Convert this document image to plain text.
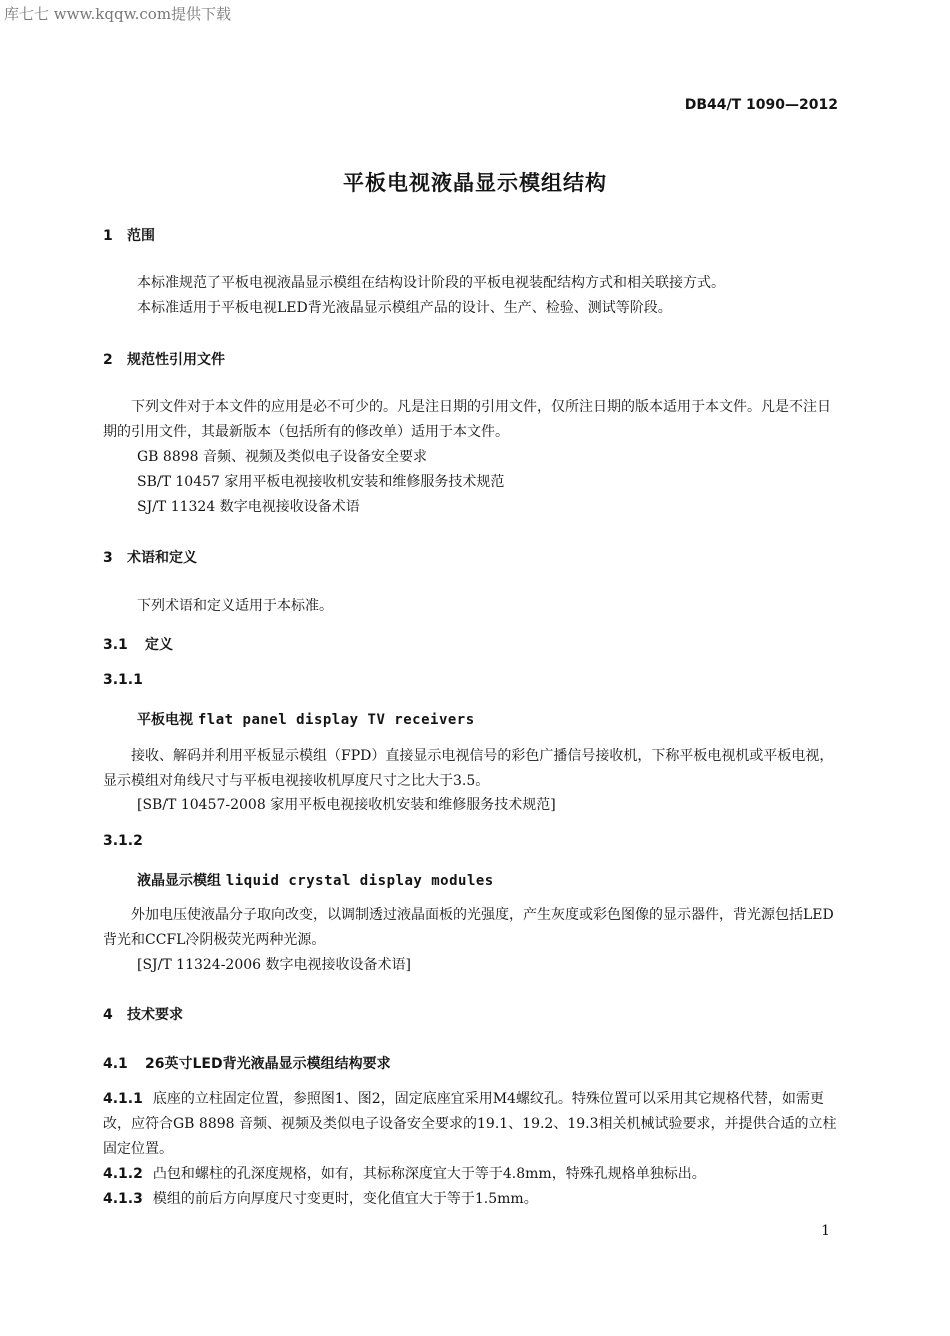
库七七 www.kqqw.com提供下载
DB44/T 1090—2012
平板电视液晶显示模组结构
1 范围
本标准规范了平板电视液晶显示模组在结构设计阶段的平板电视装配结构方式和相关联接方式。
本标准适用于平板电视LED背光液晶显示模组产品的设计、生产、检验、测试等阶段。
2 规范性引用文件
下列文件对于本文件的应用是必不可少的。凡是注日期的引用文件，仅所注日期的版本适用于本文件。凡是不注日期的引用文件，其最新版本（包括所有的修改单）适用于本文件。
GB 8898 音频、视频及类似电子设备安全要求
SB/T 10457 家用平板电视接收机安装和维修服务技术规范
SJ/T 11324 数字电视接收设备术语
3 术语和定义
下列术语和定义适用于本标准。
3.1 定义
3.1.1
平板电视 flat panel display TV receivers
接收、解码并利用平板显示模组（FPD）直接显示电视信号的彩色广播信号接收机，下称平板电视机或平板电视，显示模组对角线尺寸与平板电视接收机厚度尺寸之比大于3.5。
[SB/T 10457-2008 家用平板电视接收机安装和维修服务技术规范]
3.1.2
液晶显示模组 liquid crystal display modules
外加电压使液晶分子取向改变，以调制透过液晶面板的光强度，产生灰度或彩色图像的显示器件，背光源包括LED背光和CCFL冷阴极荧光两种光源。
[SJ/T 11324-2006 数字电视接收设备术语]
4 技术要求
4.1 26英寸LED背光液晶显示模组结构要求
4.1.1 底座的立柱固定位置，参照图1、图2，固定底座宜采用M4螺纹孔。特殊位置可以采用其它规格代替，如需更改，应符合GB 8898 音频、视频及类似电子设备安全要求的19.1、19.2、19.3相关机械试验要求，并提供合适的立柱固定位置。
4.1.2 凸包和螺柱的孔深度规格，如有，其标称深度宜大于等于4.8mm，特殊孔规格单独标出。
4.1.3 模组的前后方向厚度尺寸变更时，变化值宜大于等于1.5mm。
1
